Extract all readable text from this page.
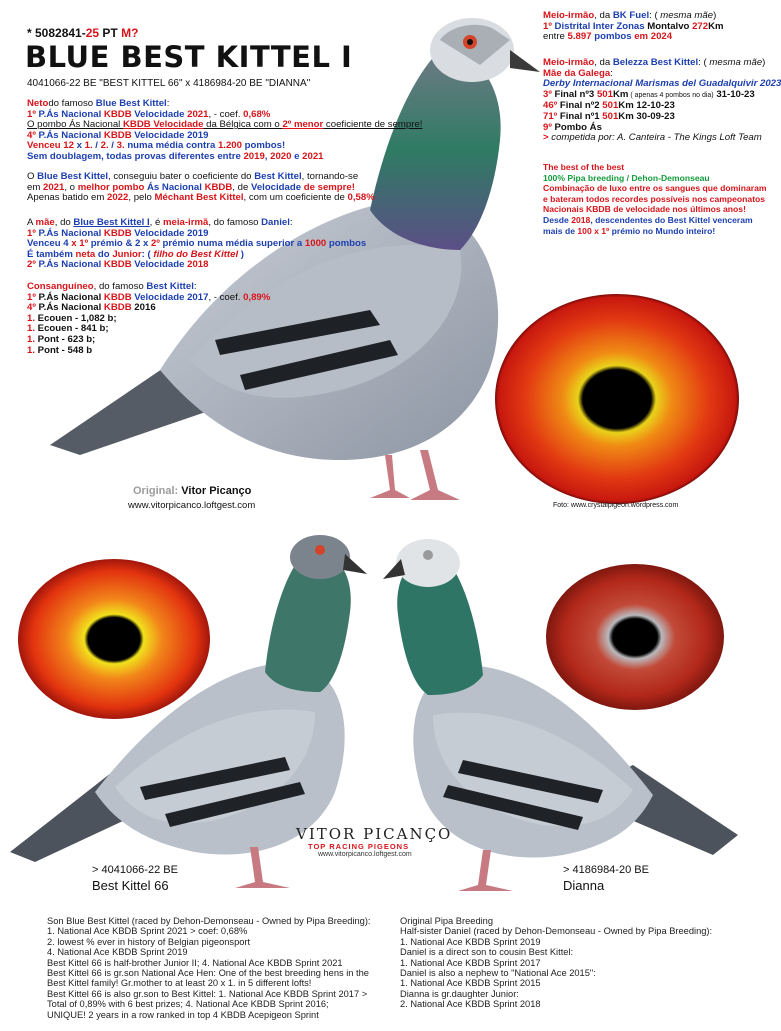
* 5082841-25 PT M?
BLUE BEST KITTEL I
4041066-22 BE "BEST KITTEL 66" x 4186984-20 BE "DIANNA"
Netodo famoso Blue Best Kittel:
1º P.Ás Nacional KBDB Velocidade 2021, - coef. 0,68%
O pombo Ás Nacional KBDB Velocidade da Bélgica com o 2º menor coeficiente de sempre!
4º P.Ás Nacional KBDB Velocidade 2019
Venceu 12 x 1. / 2. / 3. numa média contra 1.200 pombos!
Sem doublagem, todas provas diferentes entre 2019, 2020 e 2021
O Blue Best Kittel, conseguiu bater o coeficiente do Best Kittel, tornando-se
em 2021, o melhor pombo Ás Nacional KBDB, de Velocidade de sempre!
Apenas batido em 2022, pelo Méchant Best Kittel, com um coeficiente de 0,58%
A mãe, do Blue Best Kittel I, é meia-irmã, do famoso Daniel:
1º P.Ás Nacional KBDB Velocidade 2019
Venceu 4 x 1º prémio & 2 x 2º prémio numa média superior a 1000 pombos
É também neta do Junior: ( filho do Best Kittel )
2º P.Ás Nacional KBDB Velocidade 2018
Consanguíneo, do famoso Best Kittel:
1º P.Ás Nacional KBDB Velocidade 2017, - coef. 0,89%
4º P.Ás Nacional KBDB 2016
1. Ecouen - 1,082 b;
1. Ecouen - 841 b;
1. Pont - 623 b;
1. Pont - 548 b
Meio-irmão, da BK Fuel: ( mesma mãe)
1º Distrital Inter Zonas Montalvo 272Km
entre 5.897 pombos em 2024
Meio-irmão, da Belezza Best Kittel: ( mesma mãe)
Mãe da Galega:
Derby Internacional Marismas del Guadalquivir 2023
3º Final nº3 501Km ( apenas 4 pombos no dia) 31-10-23
46º Final nº2 501Km 12-10-23
71º Final nº1 501Km 30-09-23
9º Pombo Ás
> competida por: A. Canteira - The Kings Loft Team
The best of the best
100% Pipa breeding / Dehon-Demonseau
Combinação de luxo entre os sangues que dominaram
e bateram todos recordes possíveis nos campeonatos
Nacionais KBDB de velocidade nos últimos anos!
Desde 2018, descendentes do Best Kittel venceram
mais de 100 x 1º prémio no Mundo inteiro!
Original: Vitor Picanço
www.vitorpicanco.loftgest.com	Foto: www.crystalpigeon.wordpress.com
VITOR PICANÇO
TOP RACING PIGEONS
www.vitorpicanco.loftgest.com
> 4041066-22 BE
Best Kittel 66
> 4186984-20 BE
Dianna
Son Blue Best Kittel (raced by Dehon-Demonseau - Owned by Pipa Breeding):
1. National Ace KBDB Sprint 2021 > coef: 0,68%
2. lowest % ever in history of Belgian pigeonsport
4. National Ace KBDB Sprint 2019
Best Kittel 66 is half-brother Junior II; 4. National Ace KBDB Sprint 2021
Best Kittel 66 is gr.son National Ace Hen: One of the best breeding hens in the
Best Kittel family! Gr.mother to at least 20 x 1. in 5 different lofts!
Best Kittel 66 is also gr.son to Best Kittel: 1. National Ace KBDB Sprint 2017 >
Total of 0,89% with 6 best prizes; 4. National Ace KBDB Sprint 2016;
UNIQUE! 2 years in a row ranked in top 4 KBDB Acepigeon Sprint
Original Pipa Breeding
Half-sister Daniel (raced by Dehon-Demonseau - Owned by Pipa Breeding):
1. National Ace KBDB Sprint 2019
Daniel is a direct son to cousin Best Kittel:
1. National Ace KBDB Sprint 2017
Daniel is also a nephew to "National Ace 2015":
1. National Ace KBDB Sprint 2015
Dianna is gr.daughter Junior:
2. National Ace KBDB Sprint 2018
